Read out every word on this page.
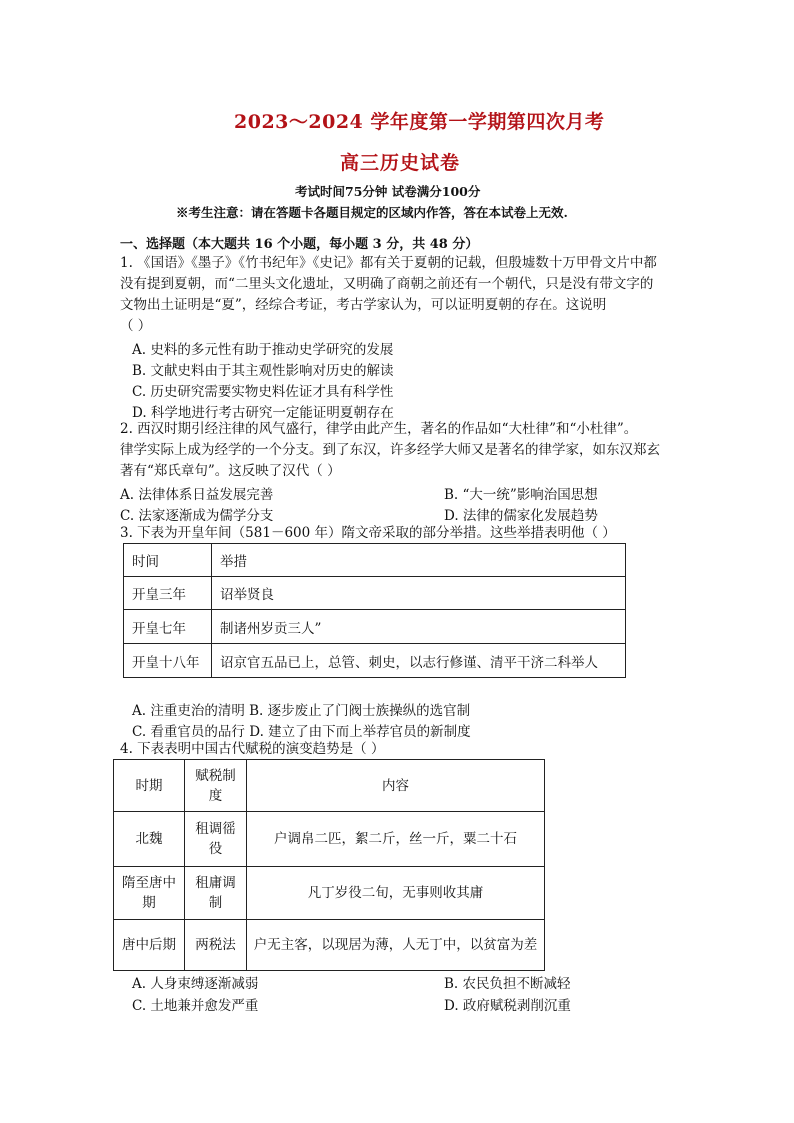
2023～2024 学年度第一学期第四次月考
高三历史试卷
考试时间75分钟 试卷满分100分
※考生注意：请在答题卡各题目规定的区域内作答，答在本试卷上无效.
一、选择题（本大题共 16 个小题，每小题 3 分，共 48 分）
1. 《国语》《墨子》《竹书纪年》《史记》都有关于夏朝的记载，但殷墟数十万甲骨文片中都
没有提到夏朝，而“二里头文化遗址，又明确了商朝之前还有一个朝代，只是没有带文字的
文物出土证明是“夏”，经综合考证，考古学家认为，可以证明夏朝的存在。这说明
（ ）
A. 史料的多元性有助于推动史学研究的发展
B. 文献史料由于其主观性影响对历史的解读
C. 历史研究需要实物史料佐证才具有科学性
D. 科学地进行考古研究一定能证明夏朝存在
2. 西汉时期引经注律的风气盛行，律学由此产生，著名的作品如“大杜律”和“小杜律”。
律学实际上成为经学的一个分支。到了东汉，许多经学大师又是著名的律学家，如东汉郑玄
著有“郑氏章句”。这反映了汉代（ ）
A. 法律体系日益发展完善	B. “大一统”影响治国思想
C. 法家逐渐成为儒学分支	D. 法律的儒家化发展趋势
3. 下表为开皇年间（581－600 年）隋文帝采取的部分举措。这些举措表明他（ ）
时间	举措
开皇三年	诏举贤良
开皇七年	制诸州岁贡三人”
开皇十八年	诏京官五品已上，总管、刺史，以志行修谨、清平干济二科举人
A. 注重吏治的清明 B. 逐步废止了门阀士族操纵的选官制
C. 看重官员的品行 D. 建立了由下而上举荐官员的新制度
4. 下表表明中国古代赋税的演变趋势是（ ）
时期	赋税制度	内容
北魏	租调徭役	户调帛二匹，絮二斤，丝一斤，粟二十石
隋至唐中期	租庸调制	凡丁岁役二旬，无事则收其庸
唐中后期	两税法	户无主客，以现居为薄，人无丁中，以贫富为差
A. 人身束缚逐渐减弱	B. 农民负担不断减轻
C. 土地兼并愈发严重	D. 政府赋税剥削沉重
